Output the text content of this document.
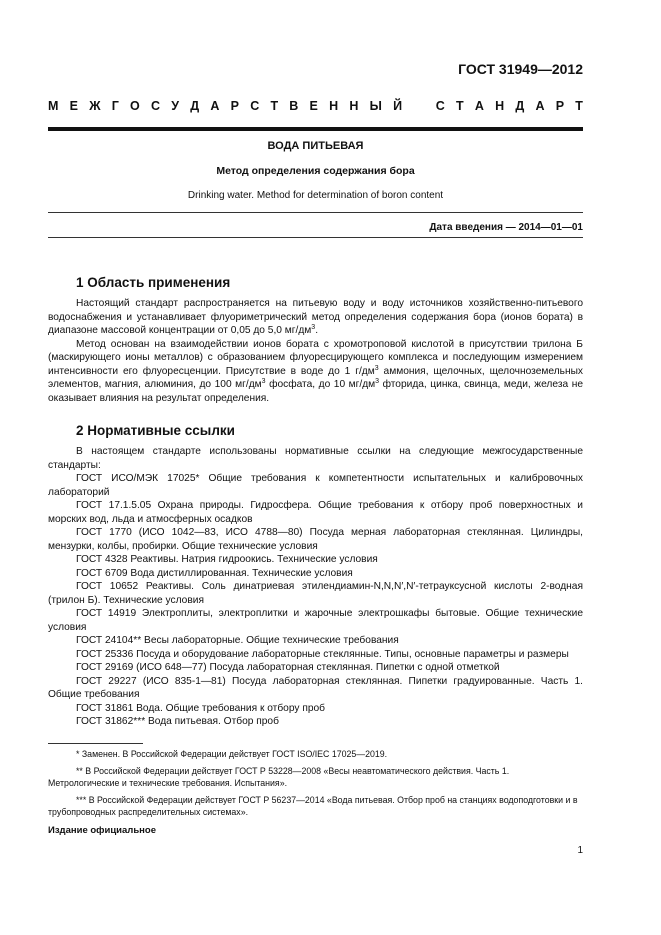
ГОСТ 31949—2012
М Е Ж Г О С У Д А Р С Т В Е Н Н Ы Й	С Т А Н Д А Р Т
ВОДА ПИТЬЕВАЯ
Метод определения содержания бора
Drinking water. Method for determination of boron content
Дата введения — 2014—01—01
1 Область применения

Настоящий стандарт распространяется на питьевую воду и воду источников хозяйственно-питьевого водоснабжения и устанавливает флуориметрический метод определения содержания бора (ионов бората) в диапазоне массовой концентрации от 0,05 до 5,0 $мг/дм^3$.

Метод основан на взаимодействии ионов бората с хромотроповой кислотой в присутствии трилона Б (маскирующего ионы металлов) с образованием флуоресцирующего комплекса и последующим измерением интенсивности его флуоресценции. Присутствие в воде до 1 $г/дм^3$ аммония, щелочных, щелочноземельных элементов, магния, алюминия, до 100 $мг/дм^3$ фосфата, до 10 $мг/дм^3$ фторида, цинка, свинца, меди, железа не оказывает влияния на результат определения.

2 Нормативные ссылки

В настоящем стандарте использованы нормативные ссылки на следующие межгосударственные стандарты:

ГОСТ ИСО/МЭК 17025* Общие требования к компетентности испытательных и калибровочных лабораторий

ГОСТ 17.1.5.05 Охрана природы. Гидросфера. Общие требования к отбору проб поверхностных и морских вод, льда и атмосферных осадков

ГОСТ 1770 (ИСО 1042—83, ИСО 4788—80) Посуда мерная лабораторная стеклянная. Цилиндры, мензурки, колбы, пробирки. Общие технические условия

ГОСТ 4328 Реактивы. Натрия гидроокись. Технические условия

ГОСТ 6709 Вода дистиллированная. Технические условия

ГОСТ 10652 Реактивы. Соль динатриевая этилендиамин-N,N,N′,N′-тетрауксусной кислоты 2-водная (трилон Б). Технические условия

ГОСТ 14919 Электроплиты, электроплитки и жарочные электрошкафы бытовые. Общие технические условия

ГОСТ 24104** Весы лабораторные. Общие технические требования

ГОСТ 25336 Посуда и оборудование лабораторные стеклянные. Типы, основные параметры и размеры

ГОСТ 29169 (ИСО 648—77) Посуда лабораторная стеклянная. Пипетки с одной отметкой

ГОСТ 29227 (ИСО 835-1—81) Посуда лабораторная стеклянная. Пипетки градуированные. Часть 1. Общие требования

ГОСТ 31861 Вода. Общие требования к отбору проб

ГОСТ 31862*** Вода питьевая. Отбор проб

* Заменен. В Российской Федерации действует ГОСТ ISO/IEC 17025—2019.

** В Российской Федерации действует ГОСТ Р 53228—2008 «Весы неавтоматического действия. Часть 1. Метрологические и технические требования. Испытания».

*** В Российской Федерации действует ГОСТ Р 56237—2014 «Вода питьевая. Отбор проб на станциях водоподготовки и в трубопроводных распределительных системах».

Издание официальное
1
